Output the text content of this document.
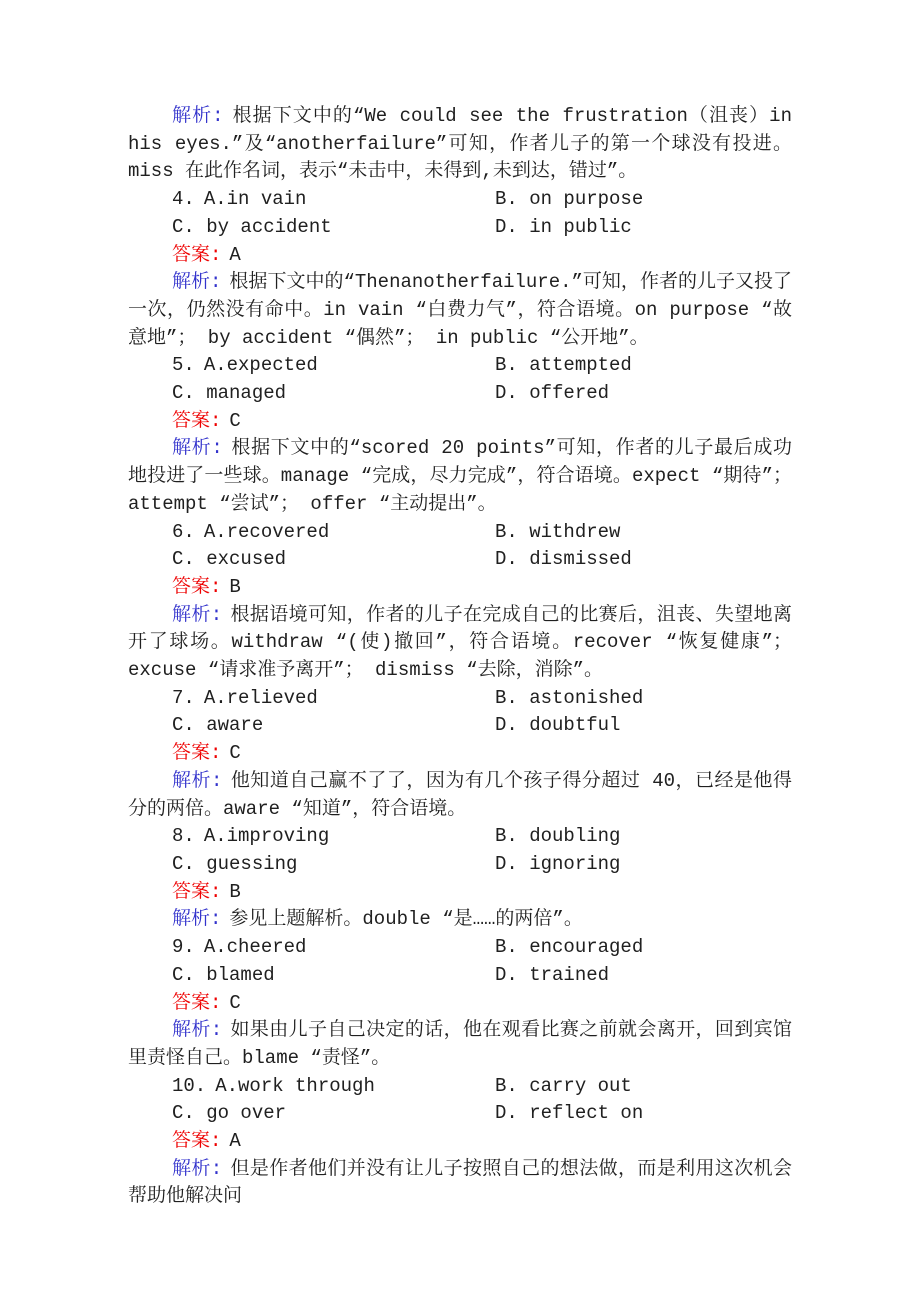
解析: 根据下文中的“We could see the frustration（沮丧）in his eyes.”及“anotherfailure”可知，作者儿子的第一个球没有投进。miss 在此作名词，表示“未击中，未得到,未到达，错过”。

4. A.in vain	B. on purpose
C. by accident	D. in public
答案: A

解析: 根据下文中的“Thenanotherfailure.”可知，作者的儿子又投了一次，仍然没有命中。in vain “白费力气”，符合语境。on purpose “故意地”； by accident “偶然”； in public “公开地”。

5. A.expected	B. attempted
C. managed	D. offered
答案: C

解析: 根据下文中的“scored 20 points”可知，作者的儿子最后成功地投进了一些球。manage “完成，尽力完成”，符合语境。expect “期待”；attempt “尝试”； offer “主动提出”。

6. A.recovered	B. withdrew
C. excused	D. dismissed
答案: B

解析: 根据语境可知，作者的儿子在完成自己的比赛后，沮丧、失望地离开了球场。withdraw “(使)撤回”，符合语境。recover “恢复健康”； excuse “请求准予离开”； dismiss “去除，消除”。

7. A.relieved	B. astonished
C. aware	D. doubtful
答案: C

解析: 他知道自己赢不了了，因为有几个孩子得分超过 40，已经是他得分的两倍。aware “知道”，符合语境。

8. A.improving	B. doubling
C. guessing	D. ignoring
答案: B

解析: 参见上题解析。double “是……的两倍”。

9. A.cheered	B. encouraged
C. blamed	D. trained
答案: C

解析: 如果由儿子自己决定的话，他在观看比赛之前就会离开，回到宾馆里责怪自己。blame “责怪”。

10. A.work through	B. carry out
C. go over	D. reflect on
答案: A

解析: 但是作者他们并没有让儿子按照自己的想法做，而是利用这次机会帮助他解决问
